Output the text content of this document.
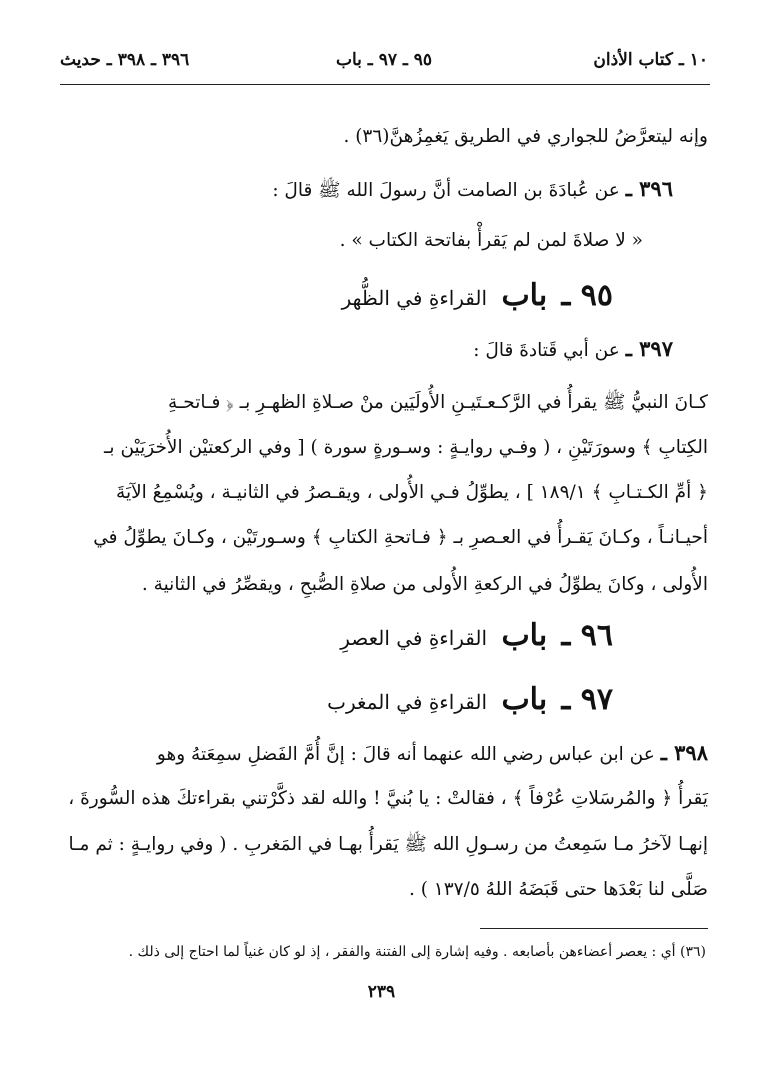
١٠ ـ كتاب الأذان
٩٥ ـ ٩٧ ـ باب
٣٩٦ ـ ٣٩٨ ـ حديث
وإنه ليتعرَّضُ للجواري في الطريق يَغمِزُهنَّ(٣٦) .
٣٩٦ ـ عن عُبادَةَ بن الصامت أنَّ رسولَ الله ﷺ قالَ :
« لا صلاةَ لمن لم يَقرأْ بفاتحة الكتاب » .
٩٥ ـ باب القراءةِ في الظُّهر
٣٩٧ ـ عن أبي قَتادةَ قالَ :
كـانَ النبيُّ ﷺ يقرأُ في الرَّكـعـتَيـنِ الأُولَيَين منْ صـلاةِ الظهـرِ بـ ﴿ فـاتحـةِ
الكِتابِ ﴾ وسورَتَيْنِ ، ( وفـي روايـةٍ : وسـورةٍ سورة ) [ وفي الركعتيْن الأُخرَيَيْن بـ
﴿ أمِّ الكـتـابِ ﴾ ١٨٩/١ ] ، يطوِّلُ فـي الأُولى ، ويقـصرُ في الثانيـة ، ويُسْمِعُ الآيَةَ
أحيـانـاً ، وكـانَ يَقـرأُ في العـصرِ بـ ﴿ فـاتحةِ الكتابِ ﴾ وسـورتَيْن ، وكـانَ يطوِّلُ في
الأُولى ، وكانَ يطوِّلُ في الركعةِ الأُولى من صلاةِ الصُّبحِ ، ويقصِّرُ في الثانية .
٩٦ ـ باب القراءةِ في العصرِ
٩٧ ـ باب القراءةِ في المغرب
٣٩٨ ـ عن ابن عباس رضي الله عنهما أنه قالَ : إنَّ أُمَّ الفَضلِ سمِعَتهُ وهو
يَقرأُ ﴿ والمُرسَلاتِ عُرْفاً ﴾ ، فقالتْ : يا بُنيَّ ! والله لقد ذكَّرْتني بقراءتكَ هذه السُّورةَ ،
إنهـا لآخرُ مـا سَمِعتُ من رسـولِ الله ﷺ يَقرأُ بهـا في المَغربِ . ( وفي روايـةٍ : ثم مـا
صَلَّى لنا بَعْدَها حتى قَبَضَهُ اللهُ ١٣٧/٥ ) .
(٣٦) أي : يعصر أعضاءهن بأصابعه . وفيه إشارة إلى الفتنة والفقر ، إذ لو كان غنياً لما احتاج إلى ذلك .
٢٣٩
